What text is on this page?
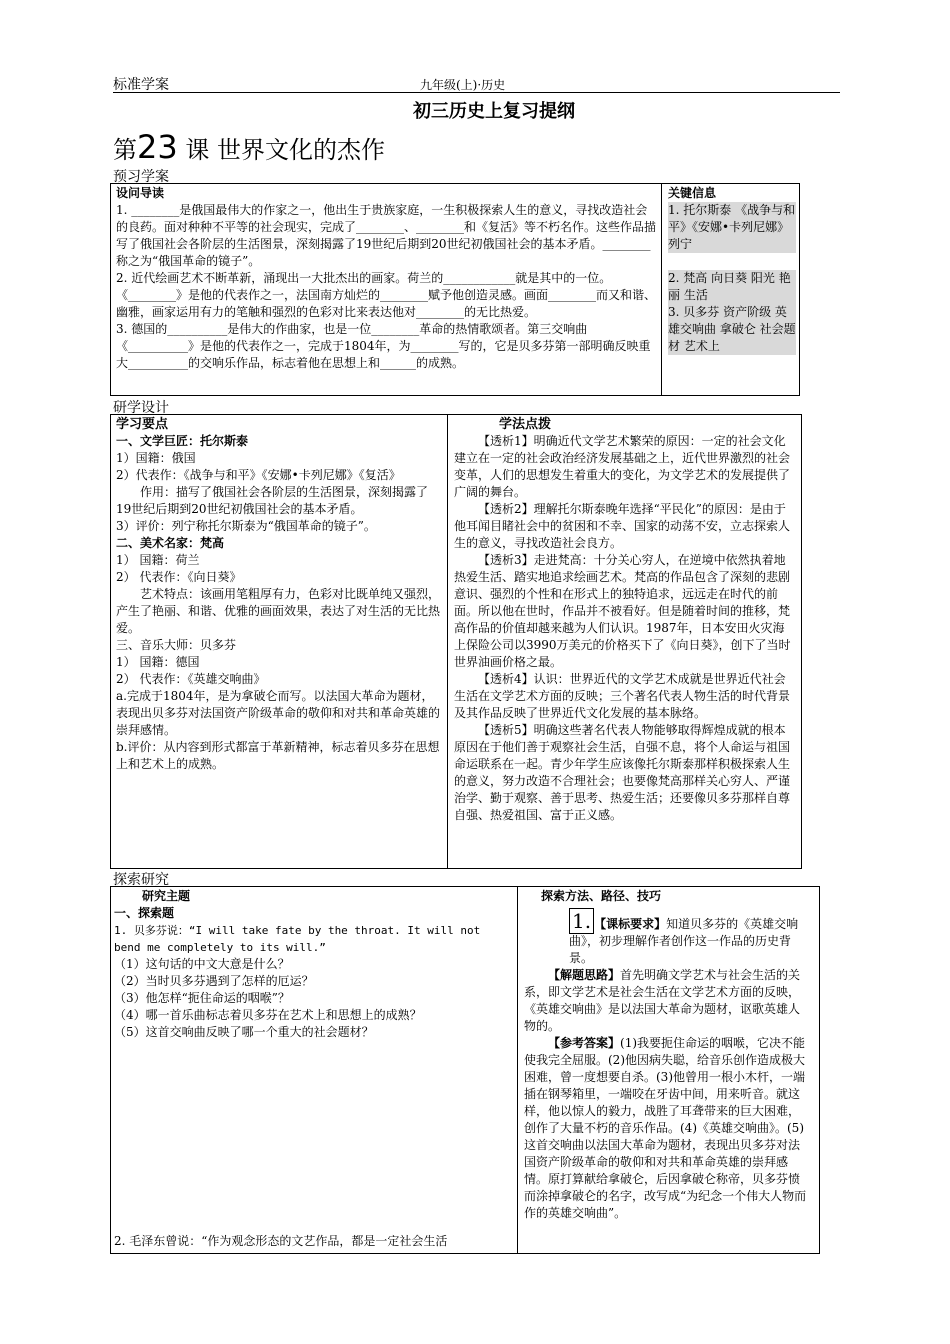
标准学案	九年级(上)·历史
初三历史上复习提纲
第23 课 世界文化的杰作
预习学案

设问导读

1. ________是俄国最伟大的作家之一，他出生于贵族家庭，一生积极探索人生的意义，寻找改造社会的良药。面对种种不平等的社会现实，完成了________、________和《复活》等不朽名作。这些作品描写了俄国社会各阶层的生活图景，深刻揭露了19世纪后期到20世纪初俄国社会的基本矛盾。________称之为“俄国革命的镜子”。

2. 近代绘画艺术不断革新，涌现出一大批杰出的画家。荷兰的____________就是其中的一位。《________》是他的代表作之一，法国南方灿烂的________赋予他创造灵感。画面________而又和谐、幽雅，画家运用有力的笔触和强烈的色彩对比来表达他对________的无比热爱。

3. 德国的__________是伟大的作曲家，也是一位________革命的热情歌颂者。第三交响曲《__________》是他的代表作之一，完成于1804年，为________写的，它是贝多芬第一部明确反映重大__________的交响乐作品，标志着他在思想上和______的成熟。

关键信息

1. 托尔斯泰 《战争与和平》《安娜•卡列尼娜》 列宁

2. 梵高 向日葵 阳光 艳丽 生活

3. 贝多芬 资产阶级 英雄交响曲 拿破仑 社会题材 艺术上

研学设计

学习要点

一、文学巨匠：托尔斯泰

1）国籍：俄国

2）代表作：《战争与和平》《安娜•卡列尼娜》《复活》

作用：描写了俄国社会各阶层的生活图景，深刻揭露了19世纪后期到20世纪初俄国社会的基本矛盾。

3）评价：列宁称托尔斯泰为“俄国革命的镜子”。

二、美术名家：梵高

1） 国籍：荷兰

2） 代表作：《向日葵》

艺术特点：该画用笔粗厚有力，色彩对比既单纯又强烈，产生了艳丽、和谐、优雅的画面效果，表达了对生活的无比热爱。

三、音乐大师：贝多芬

1） 国籍：德国

2） 代表作：《英雄交响曲》

a.完成于1804年，是为拿破仑而写。以法国大革命为题材，表现出贝多芬对法国资产阶级革命的敬仰和对共和革命英雄的崇拜感情。

b.评价：从内容到形式都富于革新精神，标志着贝多芬在思想上和艺术上的成熟。

学法点拨

【透析1】明确近代文学艺术繁荣的原因：一定的社会文化建立在一定的社会政治经济发展基础之上，近代世界激烈的社会变革，人们的思想发生着重大的变化，为文学艺术的发展提供了广阔的舞台。

【透析2】理解托尔斯泰晚年选择“平民化”的原因：是由于他耳闻目睹社会中的贫困和不幸、国家的动荡不安，立志探索人生的意义，寻找改造社会良方。

【透析3】走进梵高：十分关心穷人，在逆境中依然执着地热爱生活、踏实地追求绘画艺术。梵高的作品包含了深刻的悲剧意识、强烈的个性和在形式上的独特追求，远远走在时代的前面。所以他在世时，作品并不被看好。但是随着时间的推移，梵高作品的价值却越来越为人们认识。1987年，日本安田火灾海上保险公司以3990万美元的价格买下了《向日葵》，创下了当时世界油画价格之最。

【透析4】认识：世界近代的文学艺术成就是世界近代社会生活在文学艺术方面的反映；三个著名代表人物生活的时代背景及其作品反映了世界近代文化发展的基本脉络。

【透析5】明确这些著名代表人物能够取得辉煌成就的根本原因在于他们善于观察社会生活，自强不息，将个人命运与祖国命运联系在一起。青少年学生应该像托尔斯泰那样积极探索人生的意义，努力改造不合理社会；也要像梵高那样关心穷人、严谨治学、勤于观察、善于思考、热爱生活；还要像贝多芬那样自尊自强、热爱祖国、富于正义感。

探索研究

研究主题

一、探索题

1. 贝多芬说：“I will take fate by the throat. It will not bend me completely to its will.”

（1）这句话的中文大意是什么？

（2）当时贝多芬遇到了怎样的厄运？

（3）他怎样“扼住命运的咽喉”？

（4）哪一首乐曲标志着贝多芬在艺术上和思想上的成熟？

（5）这首交响曲反映了哪一个重大的社会题材？

2. 毛泽东曾说：“作为观念形态的文艺作品，都是一定社会生活

探索方法、路径、技巧

1. 【课标要求】知道贝多芬的《英雄交响曲》，初步理解作者创作这一作品的历史背景。

【解题思路】首先明确文学艺术与社会生活的关系，即文学艺术是社会生活在文学艺术方面的反映，《英雄交响曲》是以法国大革命为题材，讴歌英雄人物的。

【参考答案】(1)我要扼住命运的咽喉，它决不能使我完全屈服。(2)他因病失聪，给音乐创作造成极大困难，曾一度想要自杀。(3)他曾用一根小木杆，一端插在钢琴箱里，一端咬在牙齿中间，用来听音。就这样，他以惊人的毅力，战胜了耳聋带来的巨大困难，创作了大量不朽的音乐作品。(4)《英雄交响曲》。(5)这首交响曲以法国大革命为题材，表现出贝多芬对法国资产阶级革命的敬仰和对共和革命英雄的崇拜感情。原打算献给拿破仑，后因拿破仑称帝，贝多芬愤而涂掉拿破仑的名字，改写成“为纪念一个伟大人物而作的英雄交响曲”。
